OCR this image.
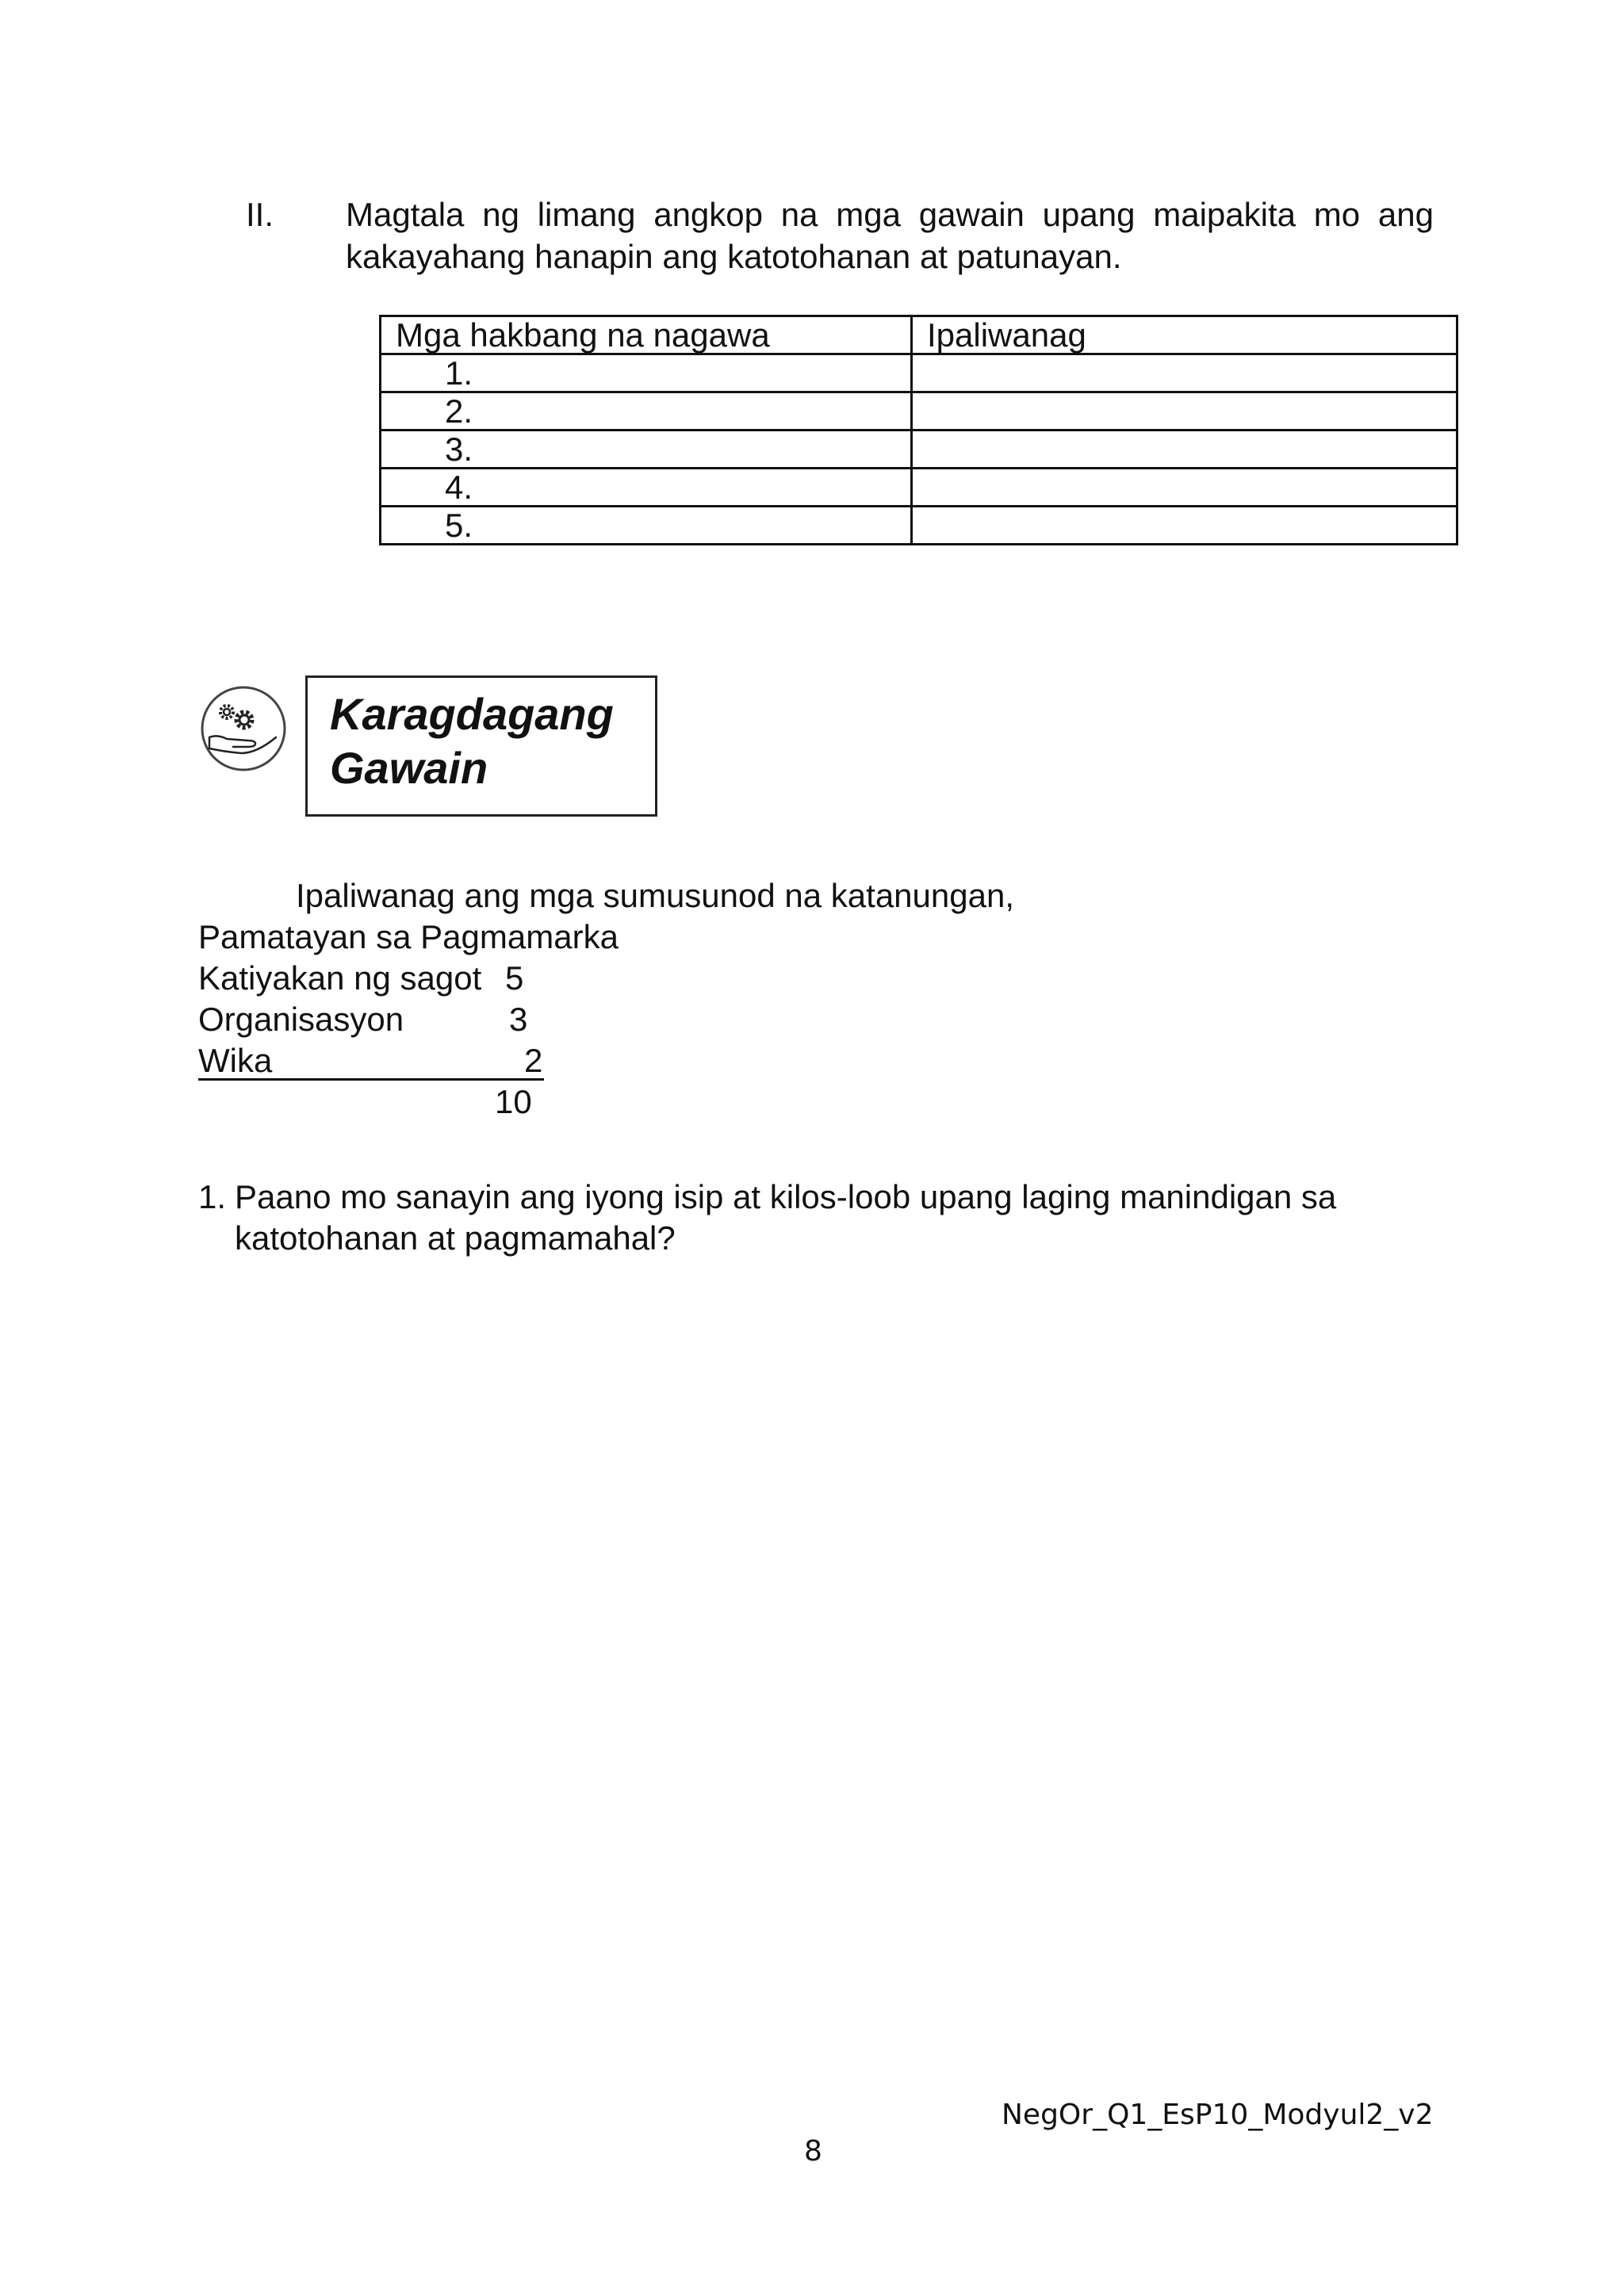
II. Magtala ng limang angkop na mga gawain upang maipakita mo ang
kakayahang hanapin ang katotohanan at patunayan.
Mga hakbang na nagawa	Ipaliwanag
1.	
2.	
3.	
4.	
5.	
Karagdagang
Gawain
Ipaliwanag ang mga sumusunod na katanungan,
Pamatayan sa Pagmamarka
Katiyakan ng sagot 5
Organisasyon	3
Wika	2
10
1. Paano mo sanayin ang iyong isip at kilos-loob upang laging manindigan sa
katotohanan at pagmamahal?
NegOr_Q1_EsP10_Modyul2_v2
8
